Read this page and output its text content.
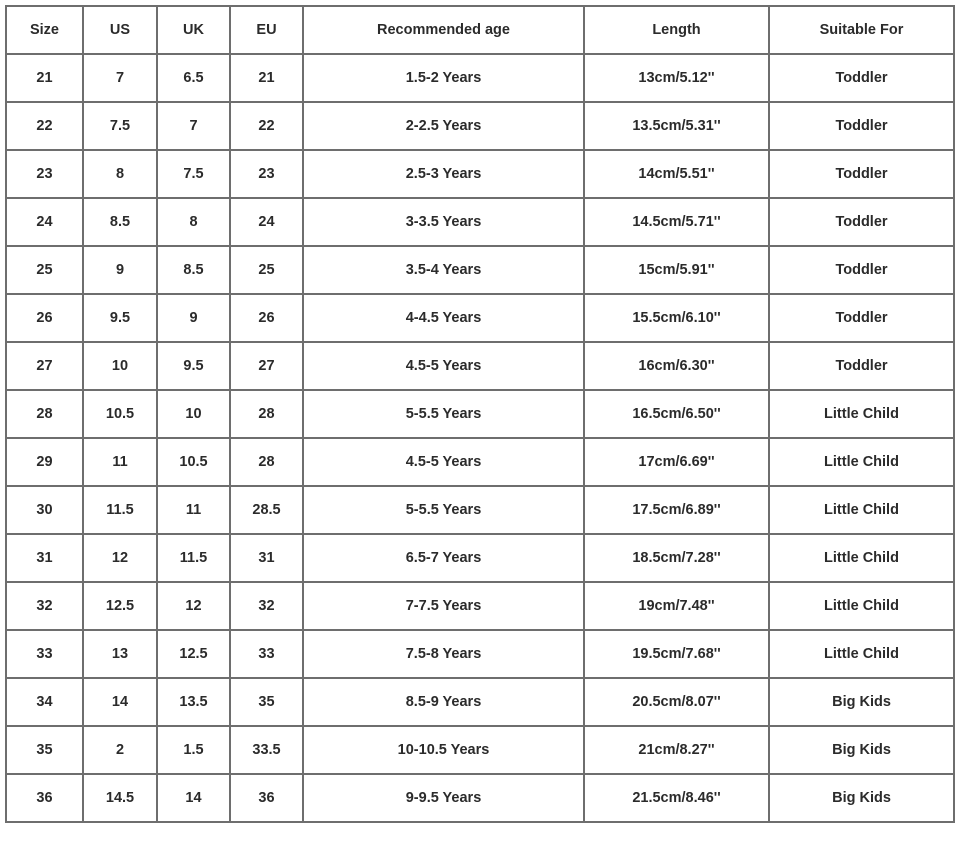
Size	US	UK	EU	Recommended age	Length	Suitable For
21	7	6.5	21	1.5-2 Years	13cm/5.12''	Toddler
22	7.5	7	22	2-2.5 Years	13.5cm/5.31''	Toddler
23	8	7.5	23	2.5-3 Years	14cm/5.51''	Toddler
24	8.5	8	24	3-3.5 Years	14.5cm/5.71''	Toddler
25	9	8.5	25	3.5-4 Years	15cm/5.91''	Toddler
26	9.5	9	26	4-4.5 Years	15.5cm/6.10''	Toddler
27	10	9.5	27	4.5-5 Years	16cm/6.30''	Toddler
28	10.5	10	28	5-5.5 Years	16.5cm/6.50''	Little Child
29	11	10.5	28	4.5-5 Years	17cm/6.69''	Little Child
30	11.5	11	28.5	5-5.5 Years	17.5cm/6.89''	Little Child
31	12	11.5	31	6.5-7 Years	18.5cm/7.28''	Little Child
32	12.5	12	32	7-7.5 Years	19cm/7.48''	Little Child
33	13	12.5	33	7.5-8 Years	19.5cm/7.68''	Little Child
34	14	13.5	35	8.5-9 Years	20.5cm/8.07''	Big Kids
35	2	1.5	33.5	10-10.5 Years	21cm/8.27''	Big Kids
36	14.5	14	36	9-9.5 Years	21.5cm/8.46''	Big Kids
